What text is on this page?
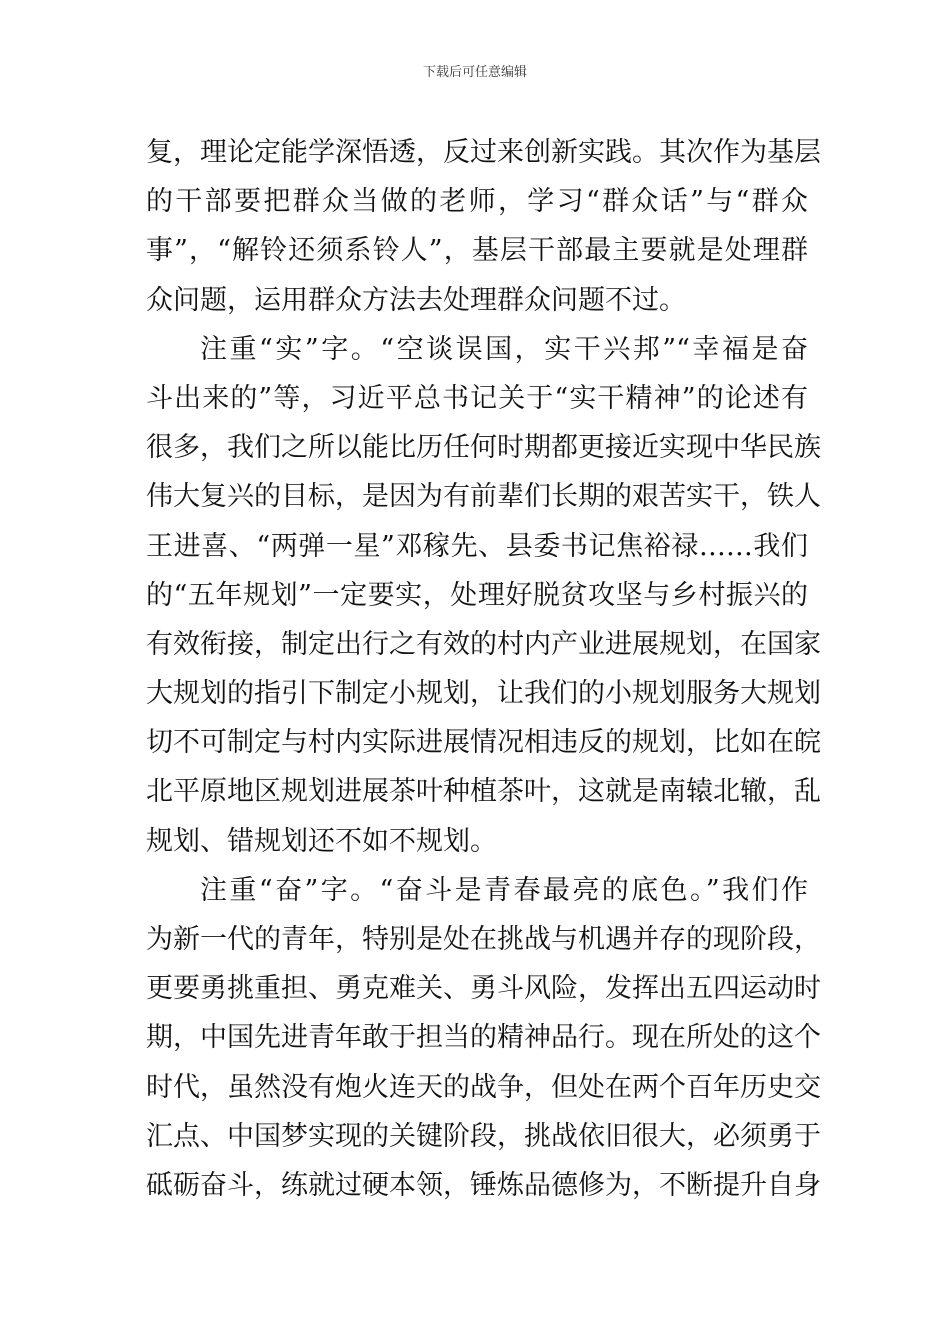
下载后可任意编辑
复，理论定能学深悟透，反过来创新实践。其次作为基层
的干部要把群众当做的老师，学习“群众话”与“群众
事”，“解铃还须系铃人”，基层干部最主要就是处理群
众问题，运用群众方法去处理群众问题不过。
注重“实”字。“空谈误国，实干兴邦”“幸福是奋
斗出来的”等，习近平总书记关于“实干精神”的论述有
很多，我们之所以能比历任何时期都更接近实现中华民族
伟大复兴的目标，是因为有前辈们长期的艰苦实干，铁人
王进喜、“两弹一星”邓稼先、县委书记焦裕禄……我们
的“五年规划”一定要实，处理好脱贫攻坚与乡村振兴的
有效衔接，制定出行之有效的村内产业进展规划，在国家
大规划的指引下制定小规划，让我们的小规划服务大规划
切不可制定与村内实际进展情况相违反的规划，比如在皖
北平原地区规划进展茶叶种植茶叶，这就是南辕北辙，乱
规划、错规划还不如不规划。
注重“奋”字。“奋斗是青春最亮的底色。”我们作
为新一代的青年，特别是处在挑战与机遇并存的现阶段，
更要勇挑重担、勇克难关、勇斗风险，发挥出五四运动时
期，中国先进青年敢于担当的精神品行。现在所处的这个
时代，虽然没有炮火连天的战争，但处在两个百年历史交
汇点、中国梦实现的关键阶段，挑战依旧很大，必须勇于
砥砺奋斗，练就过硬本领，锤炼品德修为，不断提升自身
